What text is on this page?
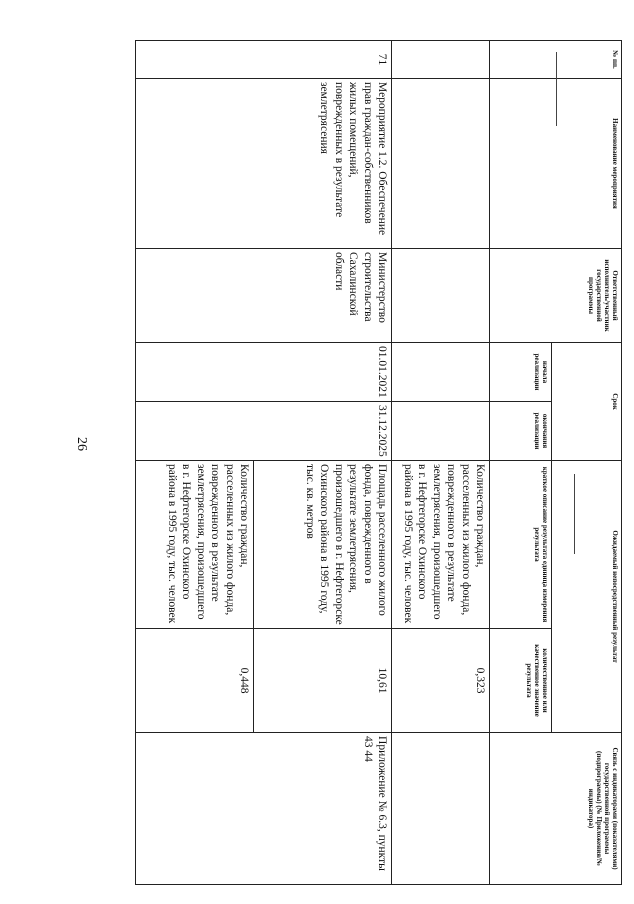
26
№ пп.	Наименование мероприятия	Ответственный исполнитель/участник государственной программы	Срок		Ожидаемый непосредственный результат		Связь с индикаторами (показателями) государственной программы (подпрограммы) (№ Приложения/№ индикатора)
			начала реализации	окончания реализации	краткое описание результата единица измерения результата	количественное или качественное значение результата	
					Количество граждан, расселенных из жилого фонда, поврежденного в результате землетрясения, произошедшего в г. Нефтегорске Охинского района в 1995 году, тыс. человек	0,323	
71	Мероприятие 1.2. Обеспечение прав граждан-собственников жилых помещений, поврежденных в результате землетрясения	Министерство строительства Сахалинской области	01.01.2021	31.12.2025	Площадь расселенного жилого фонда, поврежденного в результате землетрясения, произошедшего в г. Нефтегорске Охинского района в 1995 году, тыс. кв. метров	10,61	Приложение № 6.3, пункты 43 44
					Количество граждан, расселенных из жилого фонда, поврежденного в результате землетрясения, произошедшего в г. Нефтегорске Охинского района в 1995 году, тыс. человек	0,448	
